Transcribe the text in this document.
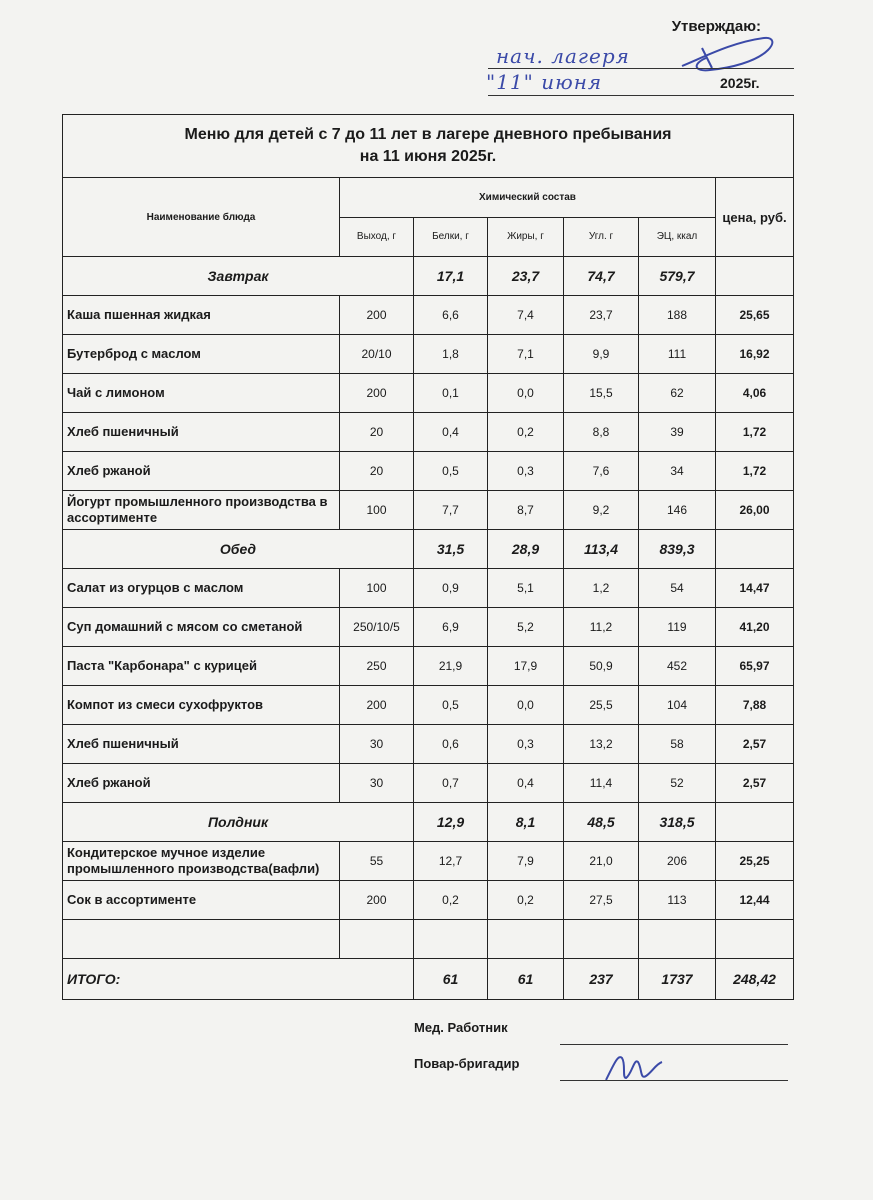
Утверждаю:
нач. лагеря
"11" июня	2025г.
Меню для детей с 7 до 11 лет в лагере дневного пребывания
на 11 июня 2025г.						

Наименование блюда	Химический состав					цена, руб.
	Выход, г	Белки, г	Жиры, г	Угл. г	ЭЦ, ккал	
Завтрак		17,1	23,7	74,7	579,7	
Каша пшенная жидкая	200	6,6	7,4	23,7	188	25,65
Бутерброд с маслом	20/10	1,8	7,1	9,9	111	16,92
Чай с лимоном	200	0,1	0,0	15,5	62	4,06
Хлеб пшеничный	20	0,4	0,2	8,8	39	1,72
Хлеб ржаной	20	0,5	0,3	7,6	34	1,72
Йогурт промышленного производства в ассортименте	100	7,7	8,7	9,2	146	26,00
Обед		31,5	28,9	113,4	839,3	
Салат из огурцов с маслом	100	0,9	5,1	1,2	54	14,47
Суп домашний с мясом со сметаной	250/10/5	6,9	5,2	11,2	119	41,20
Паста "Карбонара" с курицей	250	21,9	17,9	50,9	452	65,97
Компот из смеси сухофруктов	200	0,5	0,0	25,5	104	7,88
Хлеб пшеничный	30	0,6	0,3	13,2	58	2,57
Хлеб ржаной	30	0,7	0,4	11,4	52	2,57
Полдник		12,9	8,1	48,5	318,5	
Кондитерское мучное изделие промышленного производства(вафли)	55	12,7	7,9	21,0	206	25,25
Сок в ассортименте	200	0,2	0,2	27,5	113	12,44

ИТОГО:		61	61	237	1737	248,42
Мед. Работник
Повар-бригадир
